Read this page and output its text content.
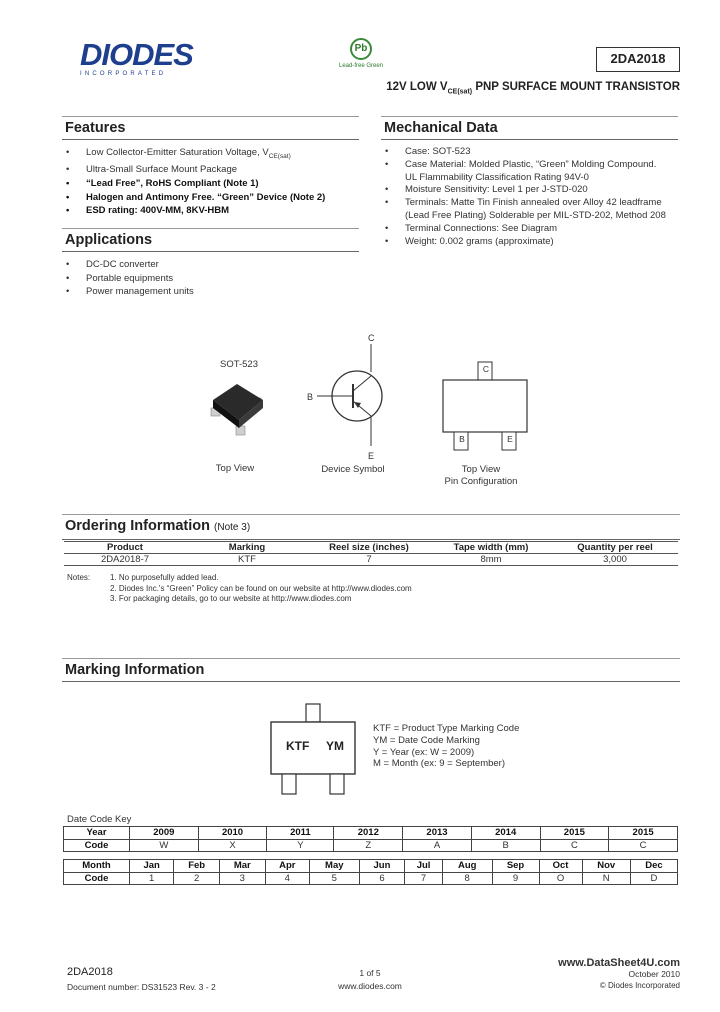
DIODES
INCORPORATED
Pb
Lead-free Green	2DA2018
12V LOW $V_{CE(sat)}$ PNP SURFACE MOUNT TRANSISTOR
Features
• Low Collector-Emitter Saturation Voltage, $V_{CE(sat)}$
• Ultra-Small Surface Mount Package
• “Lead Free”, RoHS Compliant (Note 1)
• Halogen and Antimony Free. “Green” Device (Note 2)
• ESD rating: 400V-MM, 8KV-HBM
Mechanical Data
• Case: SOT-523
• Case Material: Molded Plastic, “Green” Molding Compound.
UL Flammability Classification Rating 94V-0
• Moisture Sensitivity: Level 1 per J-STD-020
• Terminals: Matte Tin Finish annealed over Alloy 42 leadframe
(Lead Free Plating) Solderable per MIL-STD-202, Method 208
• Terminal Connections: See Diagram
• Weight: 0.002 grams (approximate)
Applications
• DC-DC converter
• Portable equipments
• Power management units
SOT-523
Top View
C
B
E
Device Symbol
C
B	E
Top View
Pin Configuration
Ordering Information (Note 3)
Product	Marking	Reel size (inches)	Tape width (mm)	Quantity per reel
2DA2018-7	KTF	7	8mm	3,000
Notes: 1. No purposefully added lead.
2. Diodes Inc.'s “Green” Policy can be found on our website at http://www.diodes.com
3. For packaging details, go to our website at http://www.diodes.com
Marking Information
KTF YM
KTF = Product Type Marking Code
YM = Date Code Marking
Y = Year (ex: W = 2009)
M = Month (ex: 9 = September)
Date Code Key
Year	2009	2010	2011	2012	2013	2014	2015	2015
Code	W	X	Y	Z	A	B	C	C
Month	Jan	Feb	Mar	Apr	May	Jun	Jul	Aug	Sep	Oct	Nov	Dec
Code	1	2	3	4	5	6	7	8	9	O	N	D
2DA2018
Document number: DS31523 Rev. 3 - 2
1 of 5
www.diodes.com
www.DataSheet4U.com
October 2010
© Diodes Incorporated
